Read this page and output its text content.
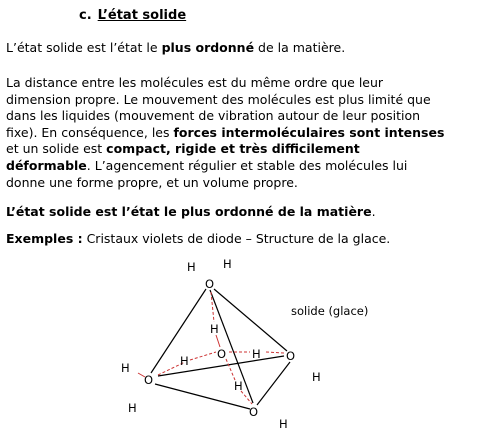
c. L’état solide

L’état solide est l’état le plus ordonné de la matière.

La distance entre les molécules est du même ordre que leur
dimension propre. Le mouvement des molécules est plus limité que
dans les liquides (mouvement de vibration autour de leur position
fixe). En conséquence, les forces intermoléculaires sont intenses
et un solide est compact, rigide et très difficilement
déformable. L’agencement régulier et stable des molécules lui
donne une forme propre, et un volume propre.

L’état solide est l’état le plus ordonné de la matière.

Exemples : Cristaux violets de diode – Structure de la glace.

H H
O
H
O H
H	O
H
H
O	H
H	O
H
solide (glace)
